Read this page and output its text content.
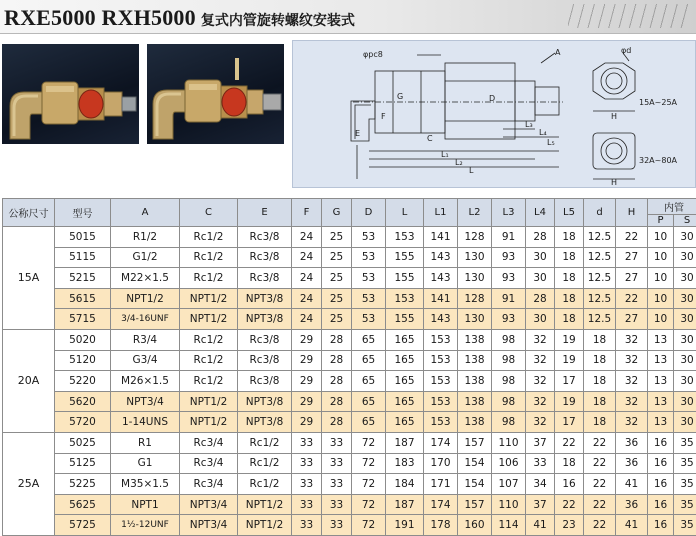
RXE5000 RXH5000 复式内管旋转螺纹安装式
φpc8	A	φd
15A~25A
32A~80A
E
C
L₁
L₂
L
L₃
L₄
L₅
H
H
G
F
D
公称尺寸	型号	A	C	E	F	G	D	L	L1	L2	L3	L4	L5	d	H	内管	
																P	S
15A	5015	R1/2	Rc1/2	Rc3/8	24	25	53	153	141	128	91	28	18	12.5	22	10	30
	5115	G1/2	Rc1/2	Rc3/8	24	25	53	155	143	130	93	30	18	12.5	27	10	30
	5215	M22×1.5	Rc1/2	Rc3/8	24	25	53	155	143	130	93	30	18	12.5	27	10	30
	5615	NPT1/2	NPT1/2	NPT3/8	24	25	53	153	141	128	91	28	18	12.5	22	10	30
	5715	3/4-16UNF	NPT1/2	NPT3/8	24	25	53	155	143	130	93	30	18	12.5	27	10	30
20A	5020	R3/4	Rc1/2	Rc3/8	29	28	65	165	153	138	98	32	19	18	32	13	30
	5120	G3/4	Rc1/2	Rc3/8	29	28	65	165	153	138	98	32	19	18	32	13	30
	5220	M26×1.5	Rc1/2	Rc3/8	29	28	65	165	153	138	98	32	17	18	32	13	30
	5620	NPT3/4	NPT1/2	NPT3/8	29	28	65	165	153	138	98	32	19	18	32	13	30
	5720	1-14UNS	NPT1/2	NPT3/8	29	28	65	165	153	138	98	32	17	18	32	13	30
25A	5025	R1	Rc3/4	Rc1/2	33	33	72	187	174	157	110	37	22	22	36	16	35
	5125	G1	Rc3/4	Rc1/2	33	33	72	183	170	154	106	33	18	22	36	16	35
	5225	M35×1.5	Rc3/4	Rc1/2	33	33	72	184	171	154	107	34	16	22	41	16	35
	5625	NPT1	NPT3/4	NPT1/2	33	33	72	187	174	157	110	37	22	22	36	16	35
	5725	1½-12UNF	NPT3/4	NPT1/2	33	33	72	191	178	160	114	41	23	22	41	16	35
